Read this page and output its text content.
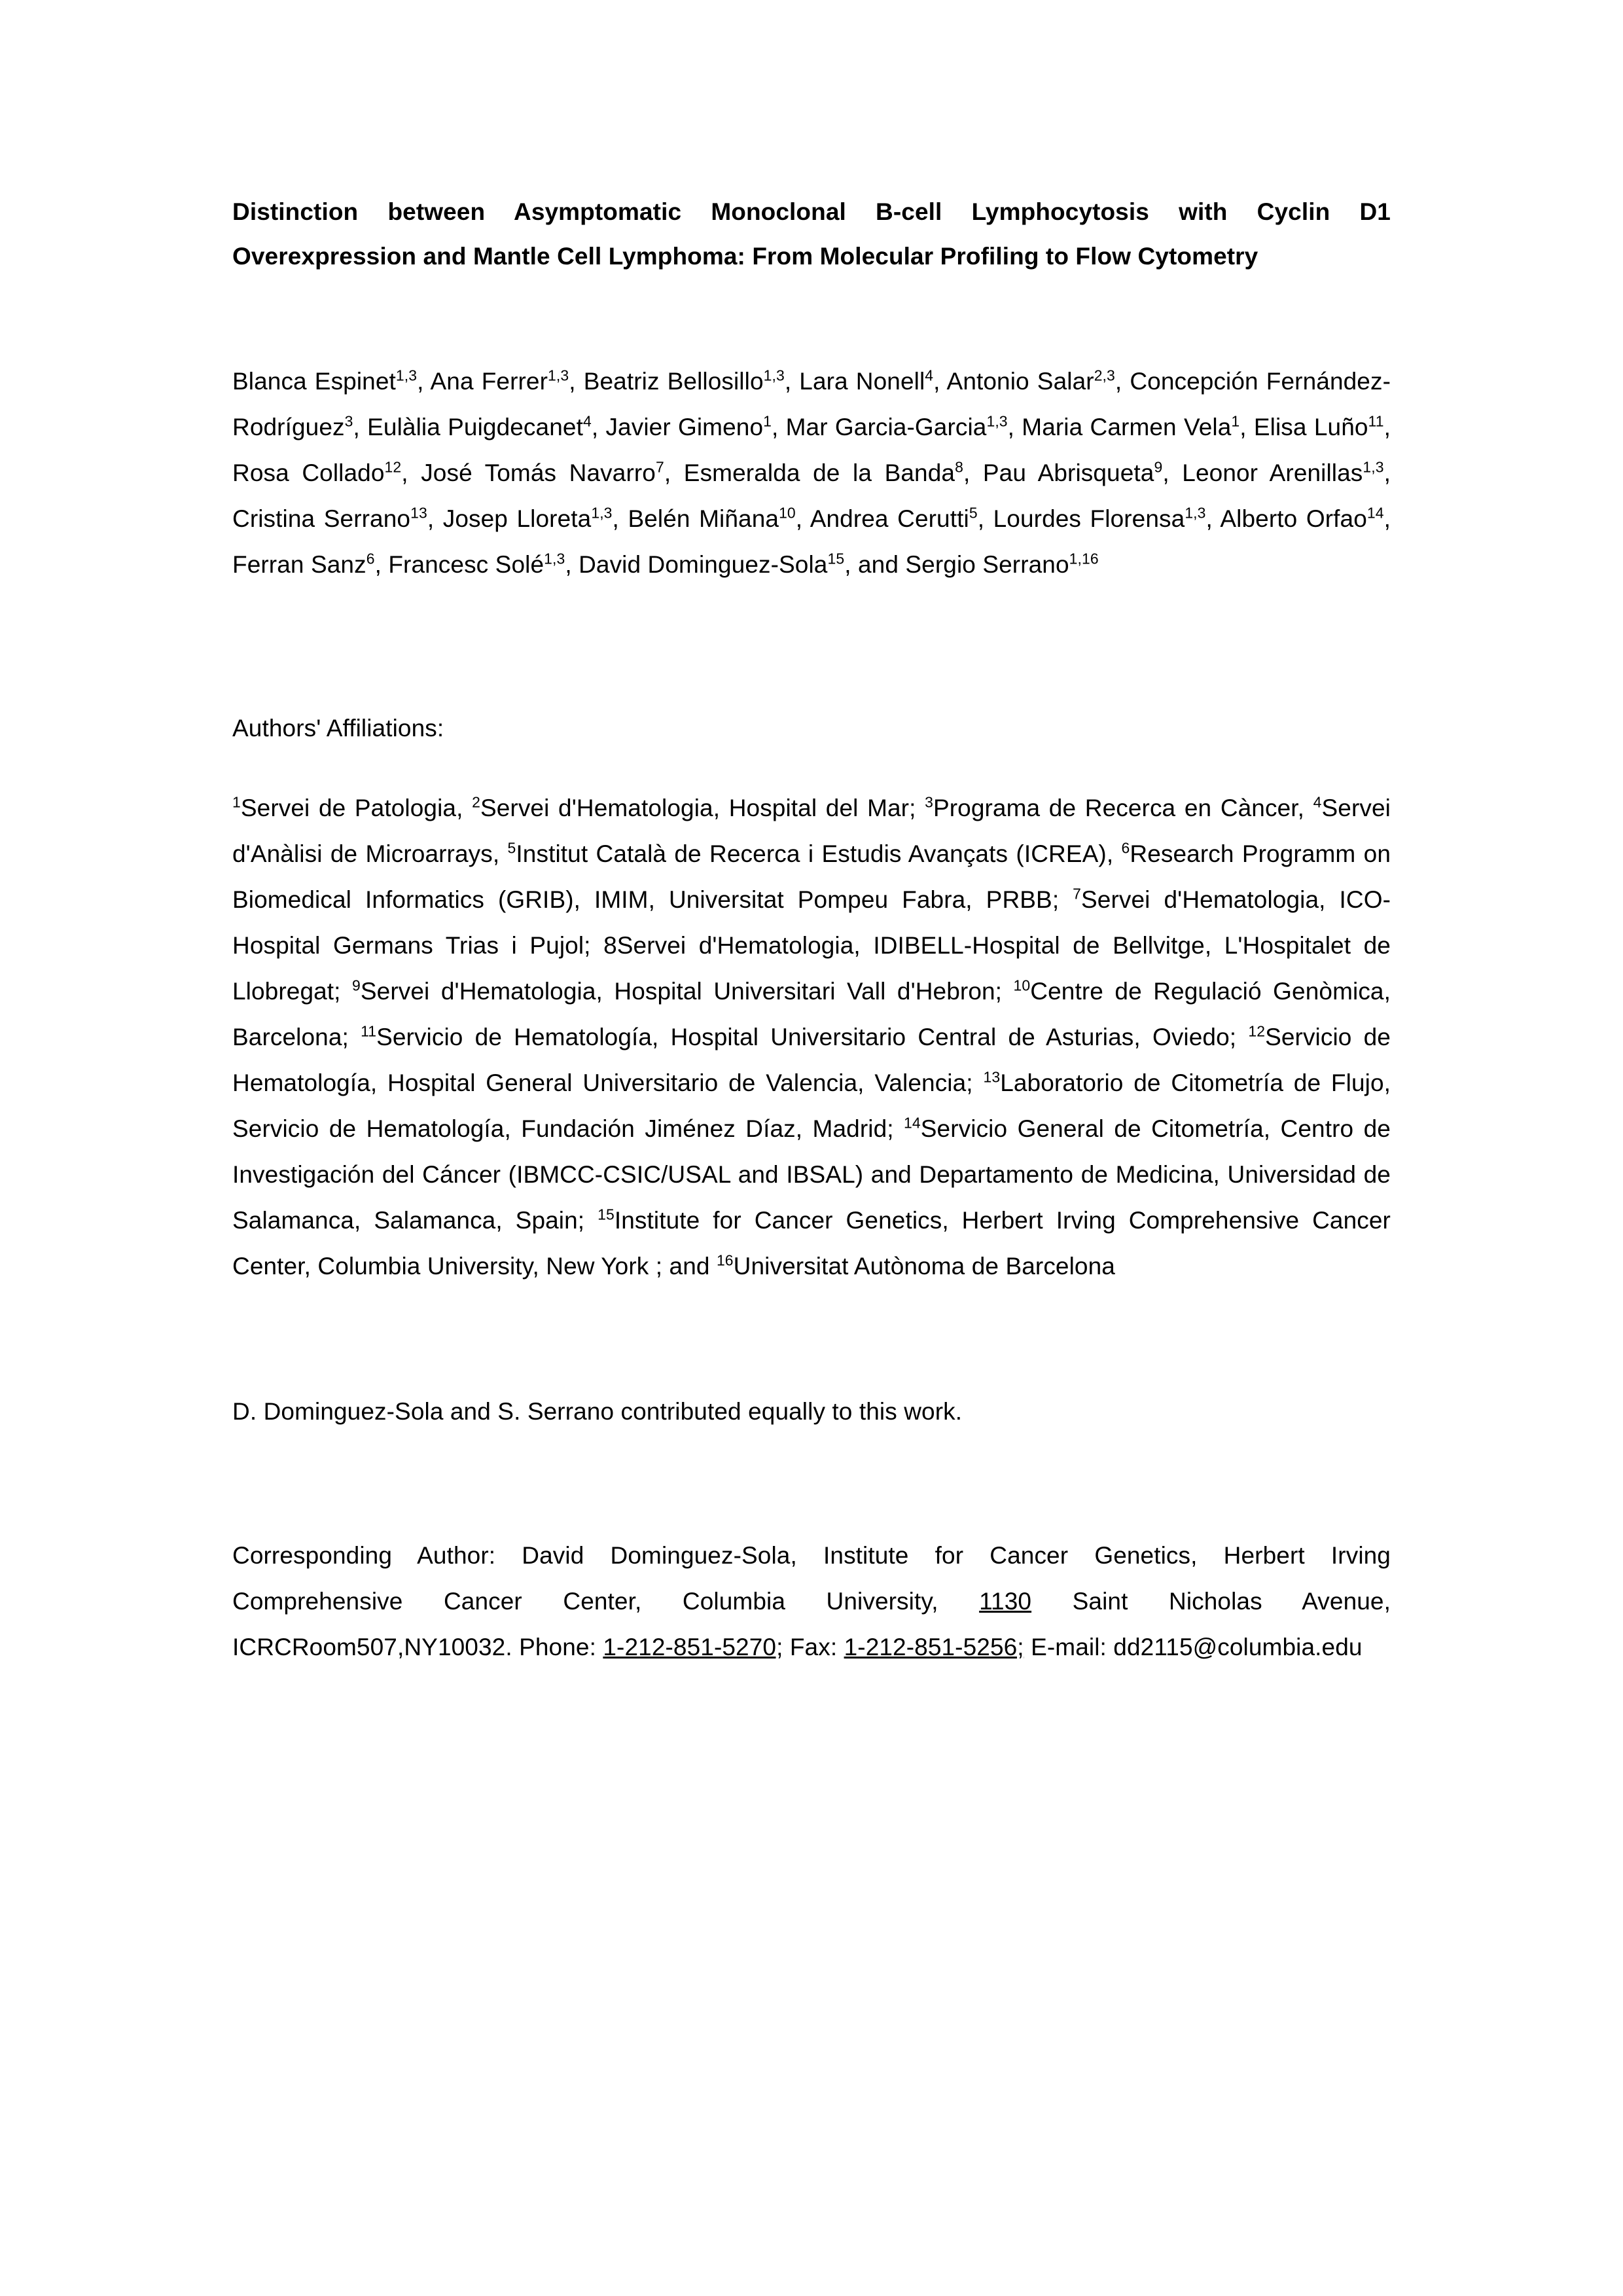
Distinction between Asymptomatic Monoclonal B-cell Lymphocytosis with Cyclin D1 Overexpression and Mantle Cell Lymphoma: From Molecular Profiling to Flow Cytometry

Blanca Espinet$^{1,3}$, Ana Ferrer$^{1,3}$, Beatriz Bellosillo$^{1,3}$, Lara Nonell$^4$, Antonio Salar$^{2,3}$, Concepción Fernández-Rodríguez$^3$, Eulàlia Puigdecanet$^4$, Javier Gimeno$^1$, Mar Garcia-Garcia$^{1,3}$, Maria Carmen Vela$^1$, Elisa Luño$^{11}$, Rosa Collado$^{12}$, José Tomás Navarro$^7$, Esmeralda de la Banda$^8$, Pau Abrisqueta$^9$, Leonor Arenillas$^{1,3}$, Cristina Serrano$^{13}$, Josep Lloreta$^{1,3}$, Belén Miñana$^{10}$, Andrea Cerutti$^5$, Lourdes Florensa$^{1,3}$, Alberto Orfao$^{14}$, Ferran Sanz$^6$, Francesc Solé$^{1,3}$, David Dominguez-Sola$^{15}$, and Sergio Serrano$^{1,16}$

Authors' Affiliations:

$^1$Servei de Patologia, $^2$Servei d'Hematologia, Hospital del Mar; $^3$Programa de Recerca en Càncer, $^4$Servei d'Anàlisi de Microarrays, $^5$Institut Català de Recerca i Estudis Avançats (ICREA), $^6$Research Programm on Biomedical Informatics (GRIB), IMIM, Universitat Pompeu Fabra, PRBB; $^7$Servei d'Hematologia, ICO-Hospital Germans Trias i Pujol; 8Servei d'Hematologia, IDIBELL-Hospital de Bellvitge, L'Hospitalet de Llobregat; $^9$Servei d'Hematologia, Hospital Universitari Vall d'Hebron; $^{10}$Centre de Regulació Genòmica, Barcelona; $^{11}$Servicio de Hematología, Hospital Universitario Central de Asturias, Oviedo; $^{12}$Servicio de Hematología, Hospital General Universitario de Valencia, Valencia; $^{13}$Laboratorio de Citometría de Flujo, Servicio de Hematología, Fundación Jiménez Díaz, Madrid; $^{14}$Servicio General de Citometría, Centro de Investigación del Cáncer (IBMCC-CSIC/USAL and IBSAL) and Departamento de Medicina, Universidad de Salamanca, Salamanca, Spain; $^{15}$Institute for Cancer Genetics, Herbert Irving Comprehensive Cancer Center, Columbia University, New York ; and $^{16}$Universitat Autònoma de Barcelona

D. Dominguez-Sola and S. Serrano contributed equally to this work.

Corresponding Author: David Dominguez-Sola, Institute for Cancer Genetics, Herbert Irving Comprehensive Cancer Center, Columbia University, 1130 Saint Nicholas Avenue, ICRCRoom507,NY10032. Phone: 1-212-851-5270; Fax: 1-212-851-5256; E-mail: dd2115@columbia.edu
